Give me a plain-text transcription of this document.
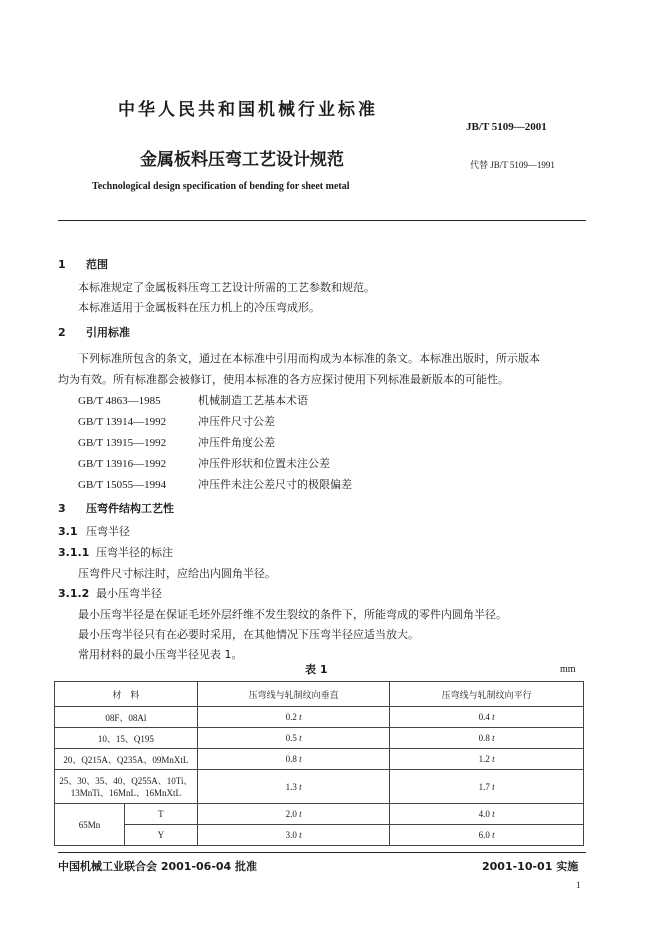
中华人民共和国机械行业标准
JB/T 5109—2001
金属板料压弯工艺设计规范	代替 JB/T 5109—1991
Technological design specification of bending for sheet metal
1 范围
本标准规定了金属板料压弯工艺设计所需的工艺参数和规范。
本标准适用于金属板料在压力机上的冷压弯成形。
2 引用标准
下列标准所包含的条文，通过在本标准中引用而构成为本标准的条文。本标准出版时，所示版本
均为有效。所有标准都会被修订，使用本标准的各方应探讨使用下列标准最新版本的可能性。
GB/T 4863—1985	机械制造工艺基本术语
GB/T 13914—1992	冲压件尺寸公差
GB/T 13915—1992	冲压件角度公差
GB/T 13916—1992	冲压件形状和位置未注公差
GB/T 15055—1994	冲压件未注公差尺寸的极限偏差
3 压弯件结构工艺性
3.1 压弯半径
3.1.1 压弯半径的标注
压弯件尺寸标注时，应给出内圆角半径。
3.1.2 最小压弯半径
最小压弯半径是在保证毛坯外层纤维不发生裂纹的条件下，所能弯成的零件内圆角半径。
最小压弯半径只有在必要时采用，在其他情况下压弯半径应适当放大。
常用材料的最小压弯半径见表 1。
表 1	mm
材　料		压弯线与轧制纹向垂直	压弯线与轧制纹向平行
08F、08Al		0.2 t	0.4 t
10、15、Q195		0.5 t	0.8 t
20、Q215A、Q235A、09MnXtL		0.8 t	1.2 t
25、30、35、40、Q255A、10Ti、
13MnTi、16MnL、16MnXtL		1.3 t	1.7 t
65Mn	T	2.0 t	4.0 t
	Y	3.0 t	6.0 t
中国机械工业联合会 2001-06-04 批准	2001-10-01 实施
1
